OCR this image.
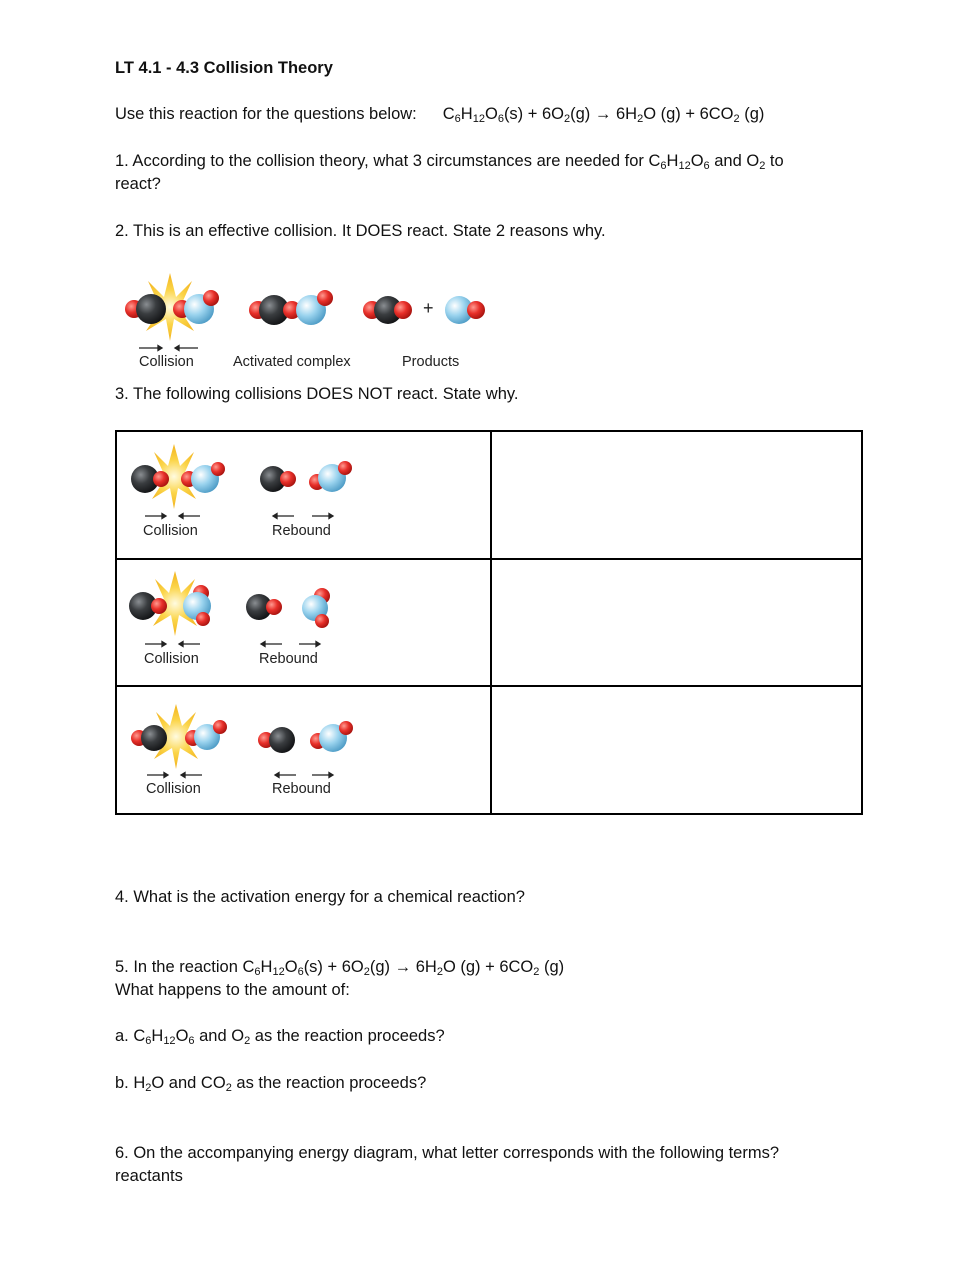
LT 4.1 - 4.3 Collision Theory
Use this reaction for the questions below: $C_6H_{12}O_6(s) + 6O_2(g) \to 6H_2O$ $(g) + 6CO_2$ (g)
1. According to the collision theory, what 3 circumstances are needed for $C_6H_{12}O_6$ and $O_2$ to
react?
2. This is an effective collision. It DOES react. State 2 reasons why.
+
Collision	Activated complex	Products
3. The following collisions DOES NOT react. State why.
Collision	Rebound
Collision	Rebound
Collision	Rebound
4. What is the activation energy for a chemical reaction?
5. In the reaction $C_6H_{12}O_6(s) + 6O_2(g) \to 6H_2O$ $(g) + 6CO_2$ (g)
What happens to the amount of:
a. $C_6H_{12}O_6$ and $O_2$ as the reaction proceeds?
b. $H_2O$ and $CO_2$ as the reaction proceeds?
6. On the accompanying energy diagram, what letter corresponds with the following terms?
reactants
